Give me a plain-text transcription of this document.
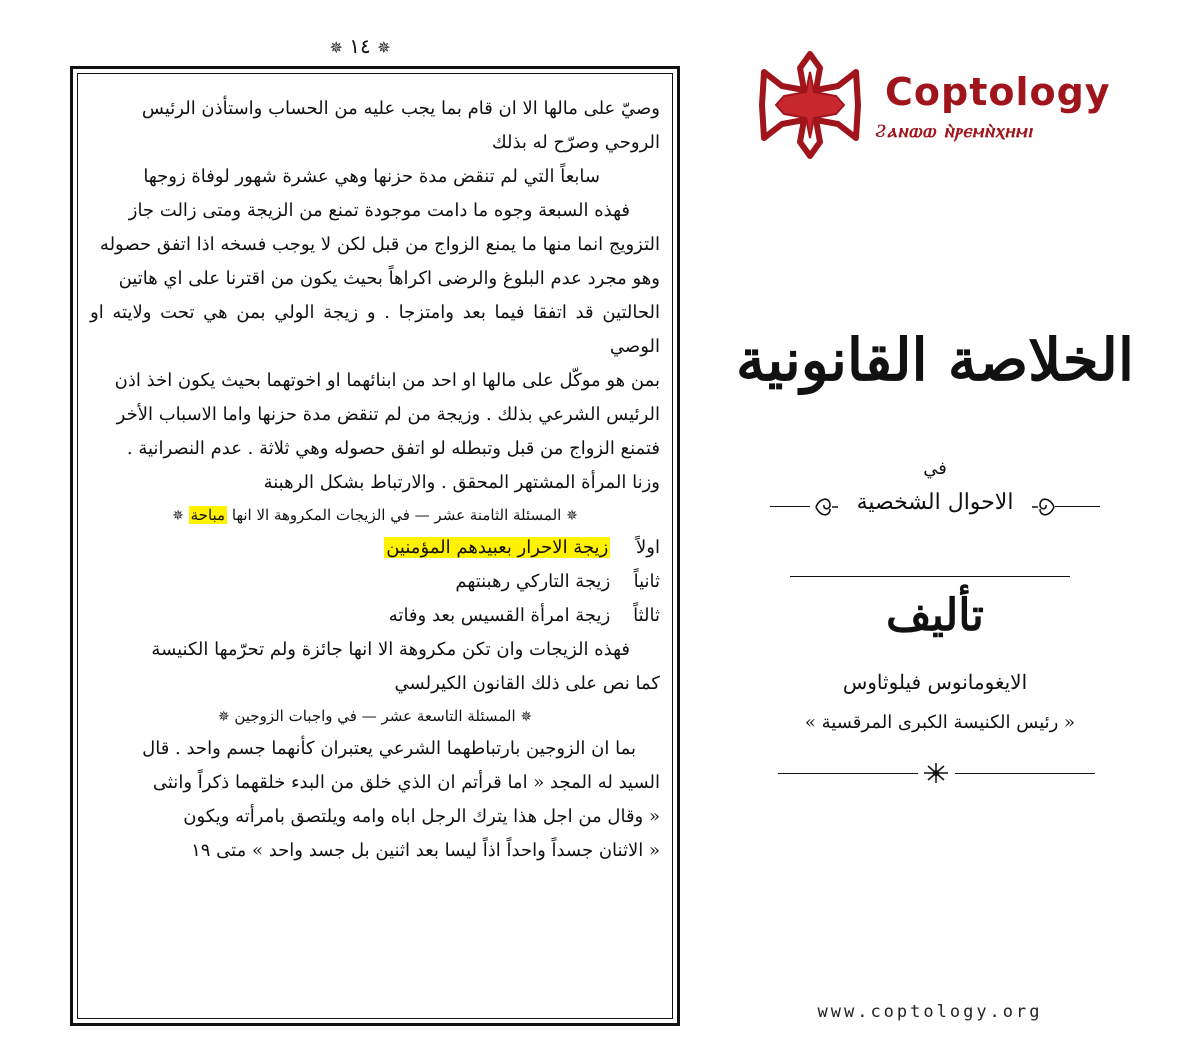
✵ ١٤ ✵

وصيّ على مالها الا ان قام بما يجب عليه من الحساب واستأذن الرئيس

الروحي وصرّح له بذلك

سابعاً التي لم تنقض مدة حزنها وهي عشرة شهور لوفاة زوجها

فهذه السبعة وجوه ما دامت موجودة تمنع من الزيجة ومتى زالت جاز

التزويج انما منها ما يمنع الزواج من قبل لكن لا يوجب فسخه اذا اتفق حصوله

وهو مجرد عدم البلوغ والرضى اكراهاً بحيث يكون من اقترنا على اي هاتين

الحالتين قد اتفقا فيما بعد وامتزجا . و زيجة الولي بمن هي تحت ولايته او الوصي

بمن هو موكّل على مالها او احد من ابنائهما او اخوتهما بحيث يكون اخذ اذن

الرئيس الشرعي بذلك . وزيجة من لم تنقض مدة حزنها واما الاسباب الأخر

فتمنع الزواج من قبل وتبطله لو اتفق حصوله وهي ثلاثة . عدم النصرانية .

وزنا المرأة المشتهر المحقق . والارتباط بشكل الرهبنة

✵ المسئلة الثامنة عشر — في الزيجات المكروهة الا انها مباحة ✵

اولاً زيجة الاحرار بعبيدهم المؤمنين

ثانياً زيجة التاركي رهبنتهم

ثالثاً زيجة امرأة القسيس بعد وفاته

فهذه الزيجات وان تكن مكروهة الا انها جائزة ولم تحرّمها الكنيسة

كما نص على ذلك القانون الكيرلسي

✵ المسئلة التاسعة عشر — في واجبات الزوجين ✵

بما ان الزوجين بارتباطهما الشرعي يعتبران كأنهما جسم واحد . قال

السيد له المجد « اما قرأتم ان الذي خلق من البدء خلقهما ذكراً وانثى

« وقال من اجل هذا يترك الرجل اباه وامه ويلتصق بامرأته ويكون

« الاثنان جسداً واحداً اذاً ليسا بعد اثنين بل جسد واحد » متى ١٩

Coptology
Ϩⲁⲛⲱⲱ ⲛ̀ⲣⲉⲙⲛ̀ⲭⲏⲙⲓ
الخلاصة القانونية
في
الاحوال الشخصية
تأليف
الايغومانوس فيلوثاوس
« رئيس الكنيسة الكبرى المرقسية »
www.coptology.org
